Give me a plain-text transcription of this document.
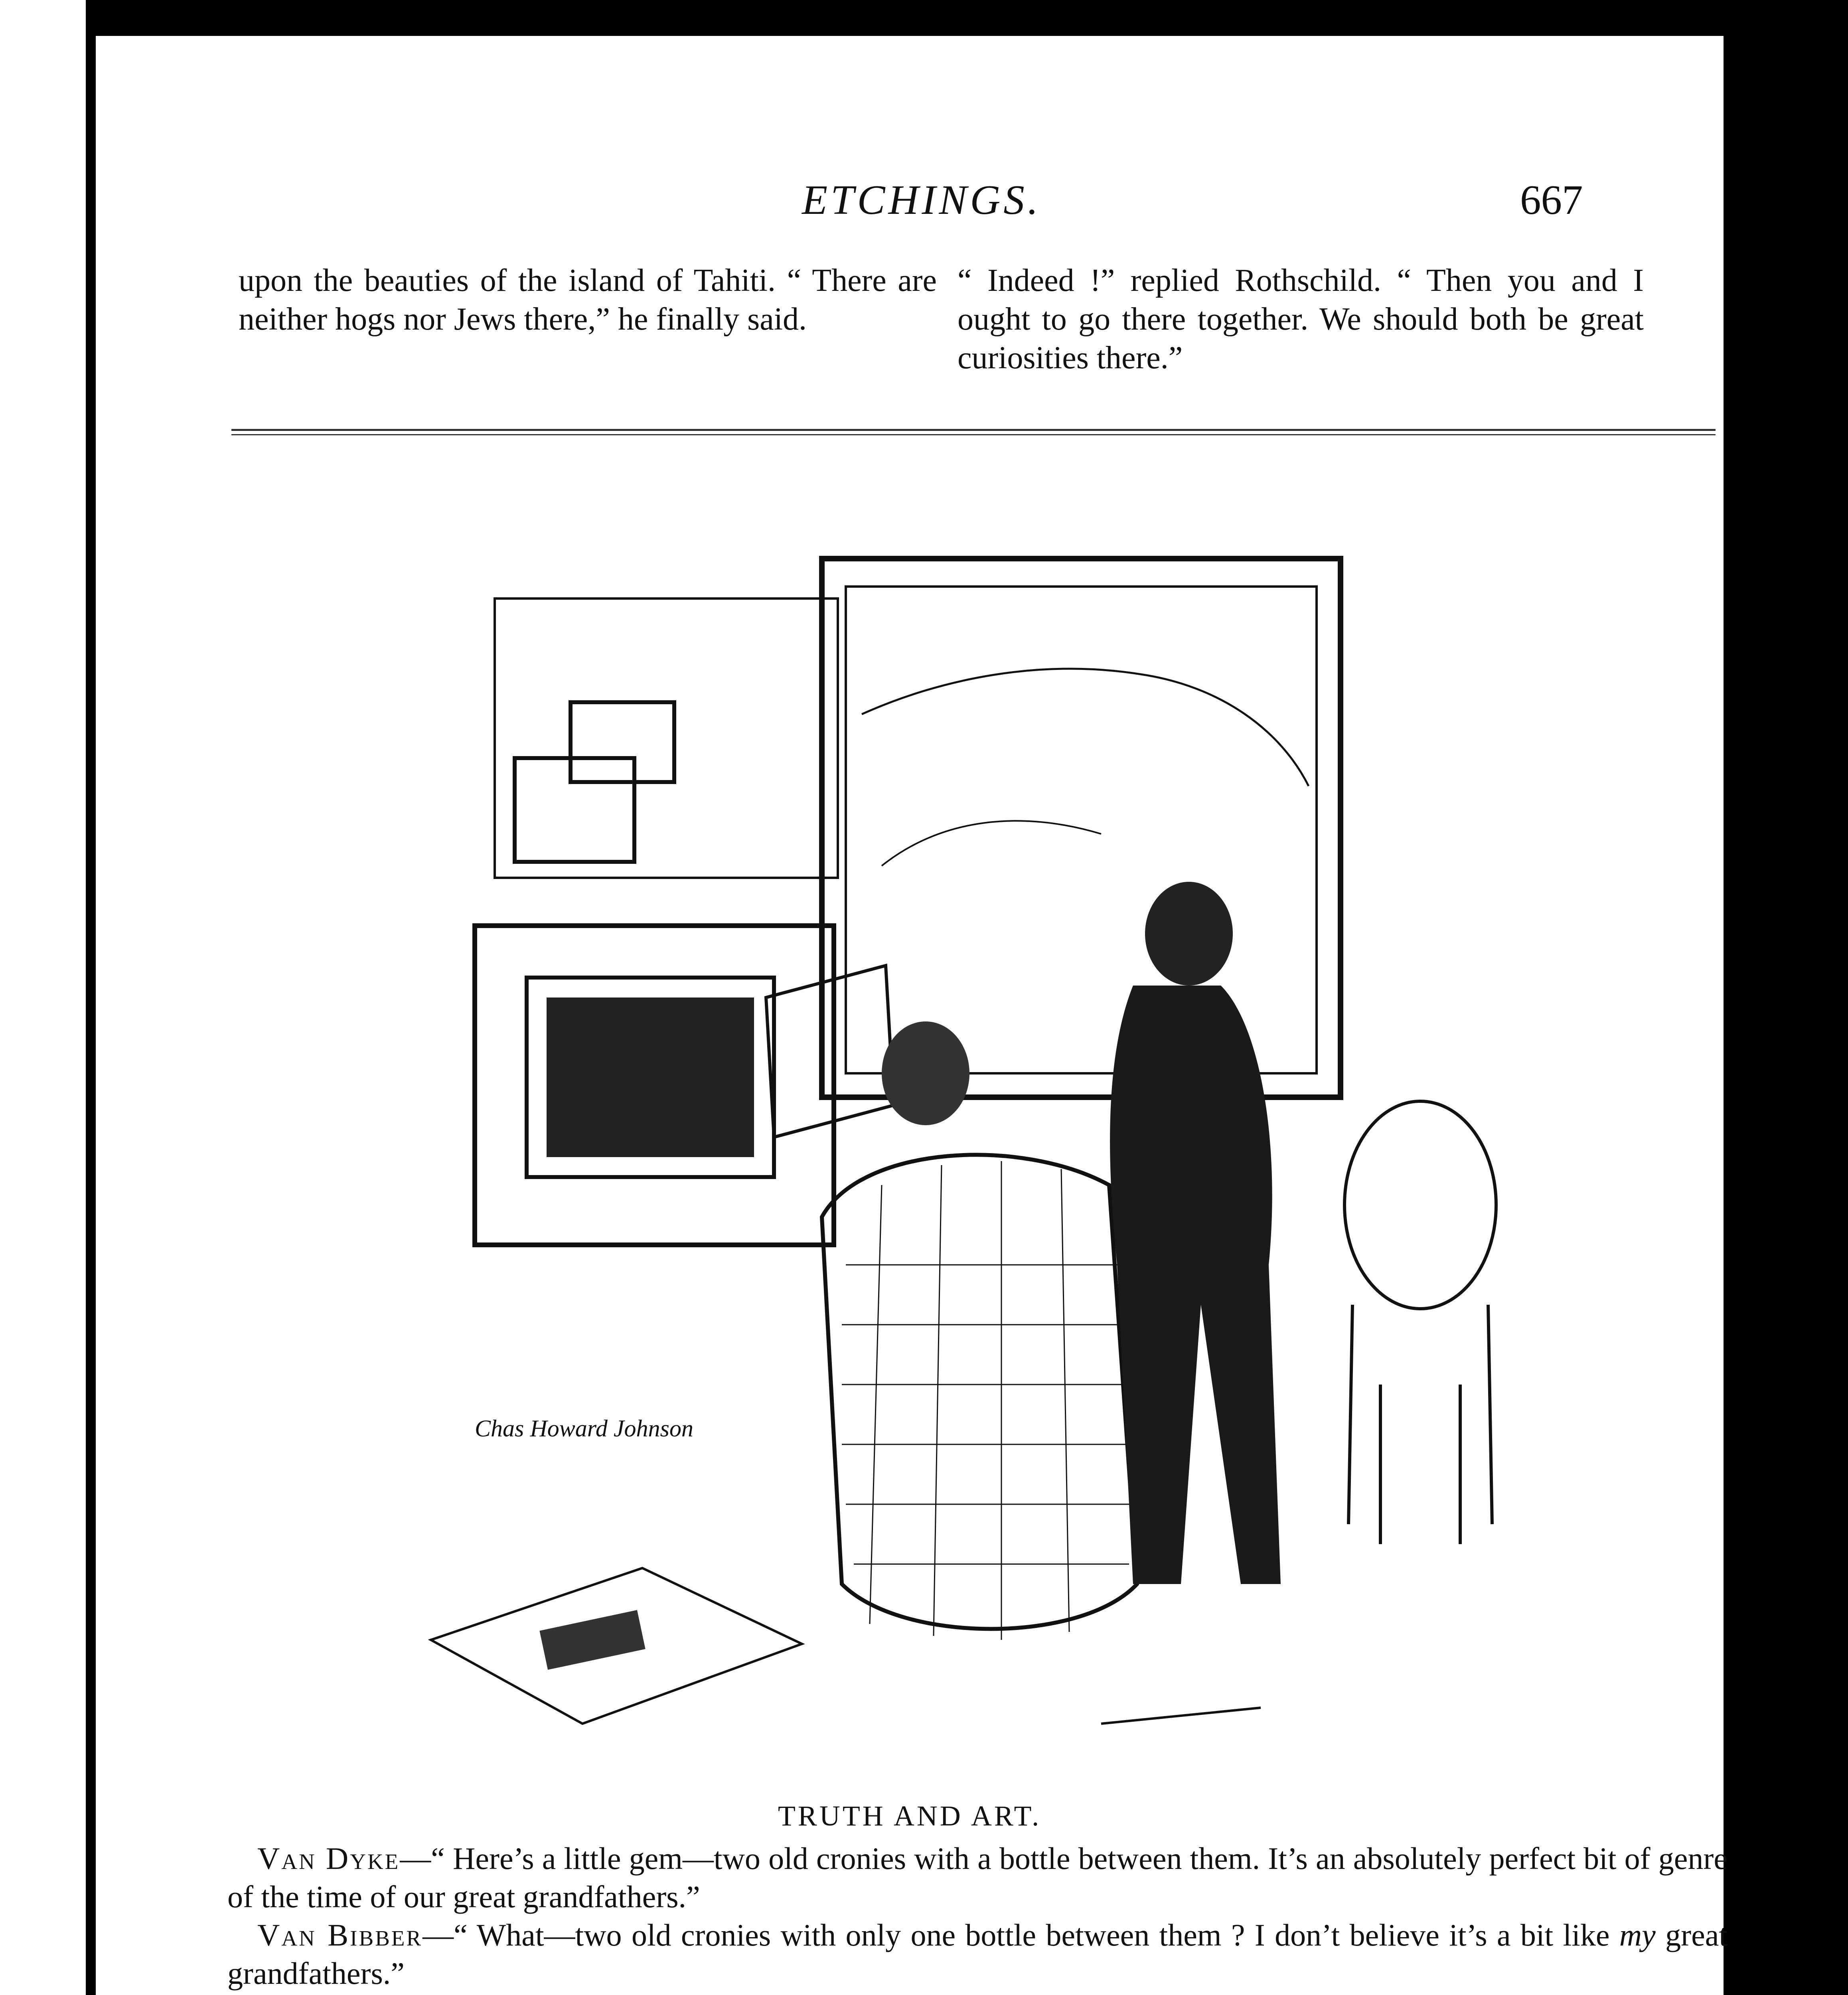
ETCHINGS.	667

upon the beauties of the island of Tahiti. “ There are neither hogs nor Jews there,” he finally said.

“ Indeed !” replied Rothschild. “ Then you and I ought to go there together. We should both be great curiosities there.”

Chas Howard Johnson
TRUTH AND ART.

Van Dyke—“ Here’s a little gem—two old cronies with a bottle between them. It’s an absolutely perfect bit of genre of the time of our great grandfathers.”

Van Bibber—“ What—two old cronies with only one bottle between them ? I don’t believe it’s a bit like my great grandfathers.”
